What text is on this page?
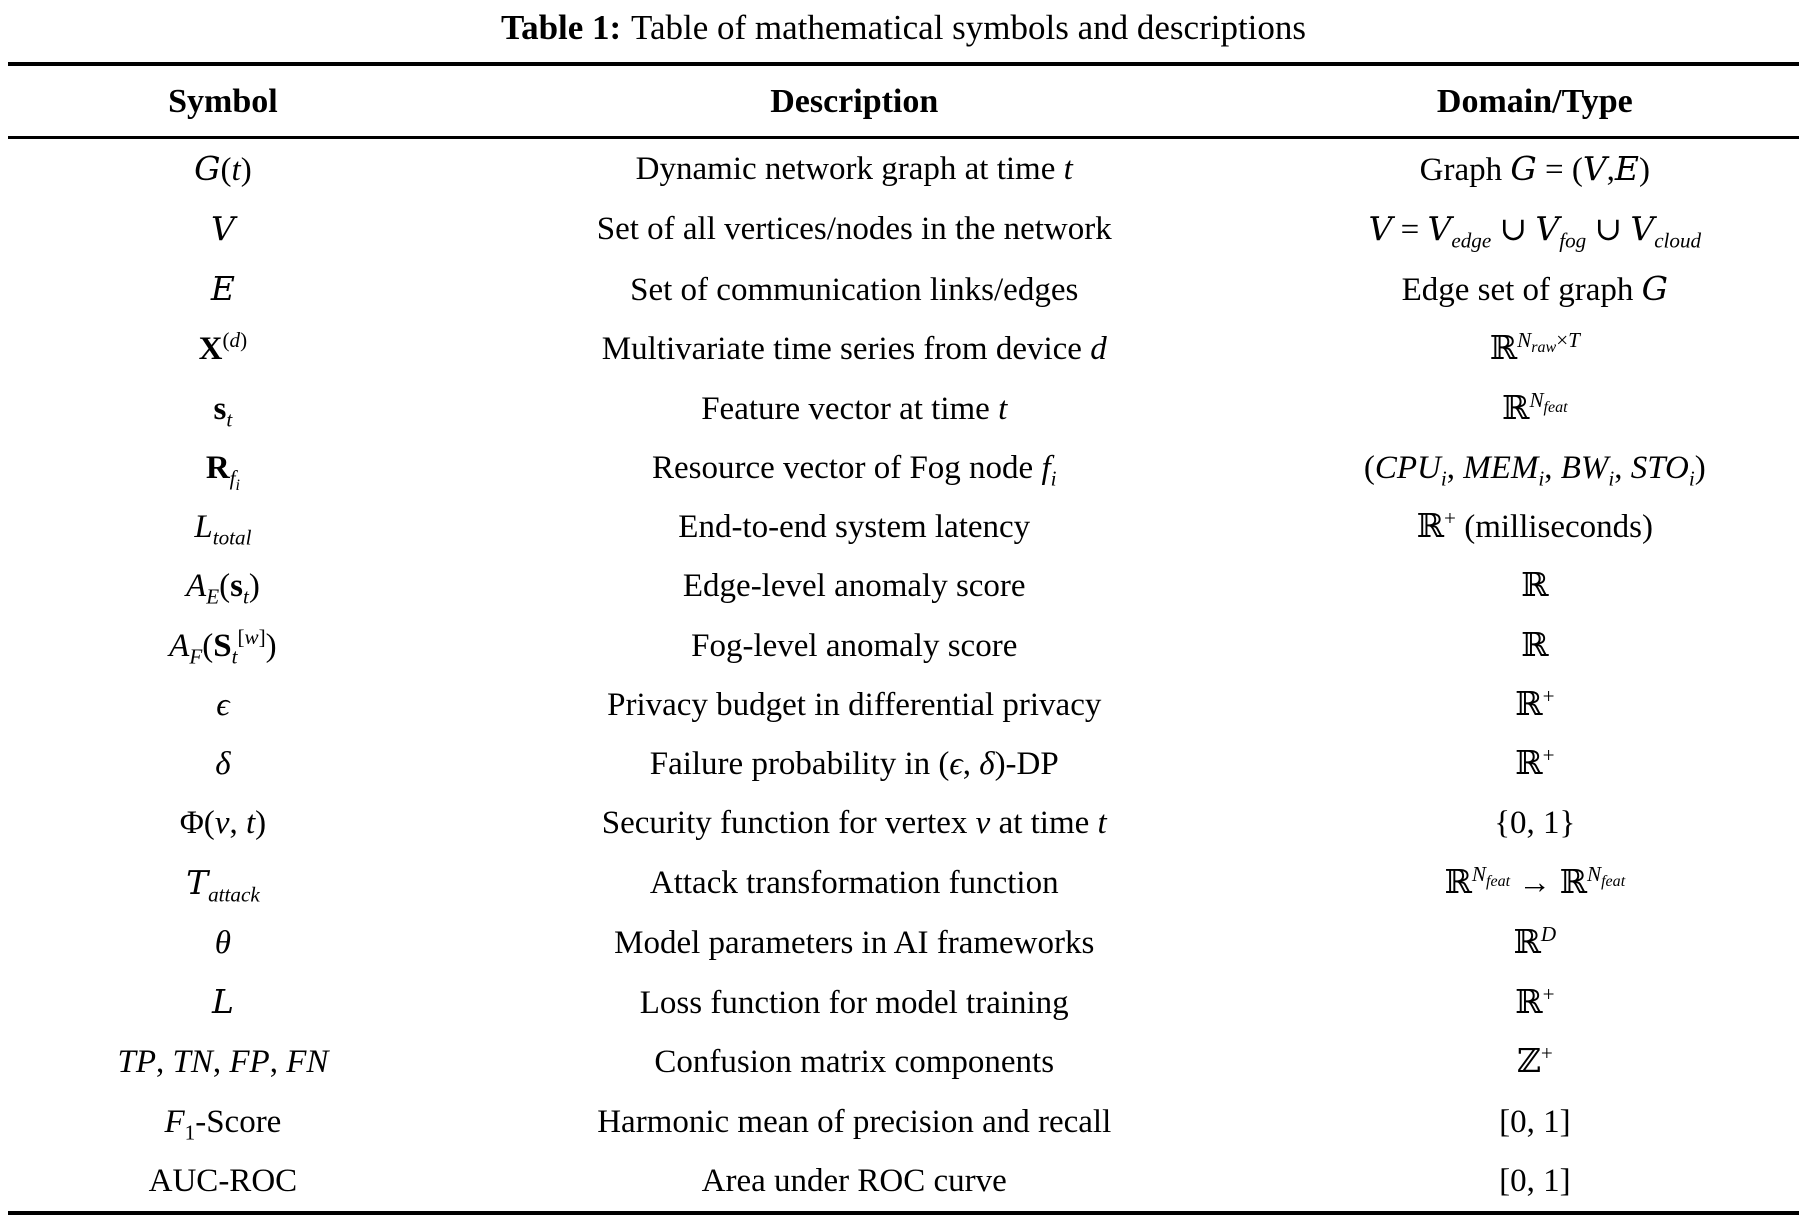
Table 1: Table of mathematical symbols and descriptions
Symbol	Description	Domain/Type
G(t)	Dynamic network graph at time t	Graph G = (V,E)
V	Set of all vertices/nodes in the network	$V = V_{edge}$ ∪ $V_{fog}$ ∪ $V_{cloud}$
E	Set of communication links/edges	Edge set of graph G
$X^{(d)}$	Multivariate time series from device d	ℝ$^{N_{raw}\times T}$
$s_t$	Feature vector at time t	ℝ$^{N_{feat}}$
$R_{f_i}$	Resource vector of Fog node $f_i$	($CPU_i$, $MEM_i$, $BW_i$, $STO_i$)
$L_{total}$	End-to-end system latency	ℝ+ (milliseconds)
$A_E(s_t)$	Edge-level anomaly score	ℝ
$A_F(S_t[w])$	Fog-level anomaly score	ℝ
ϵ	Privacy budget in differential privacy	ℝ+
δ	Failure probability in (ϵ, δ)-DP	ℝ+
Φ(v, t)	Security function for vertex v at time t	{0, 1}
$T_{attack}$	Attack transformation function	ℝ$^{N_{feat}}$ → ℝ$^{N_{feat}}$
θ	Model parameters in AI frameworks	ℝ$^D$
L	Loss function for model training	ℝ+
TP, TN, FP, FN	Confusion matrix components	ℤ+
$F_1$-Score	Harmonic mean of precision and recall	[0, 1]
AUC-ROC	Area under ROC curve	[0, 1]
